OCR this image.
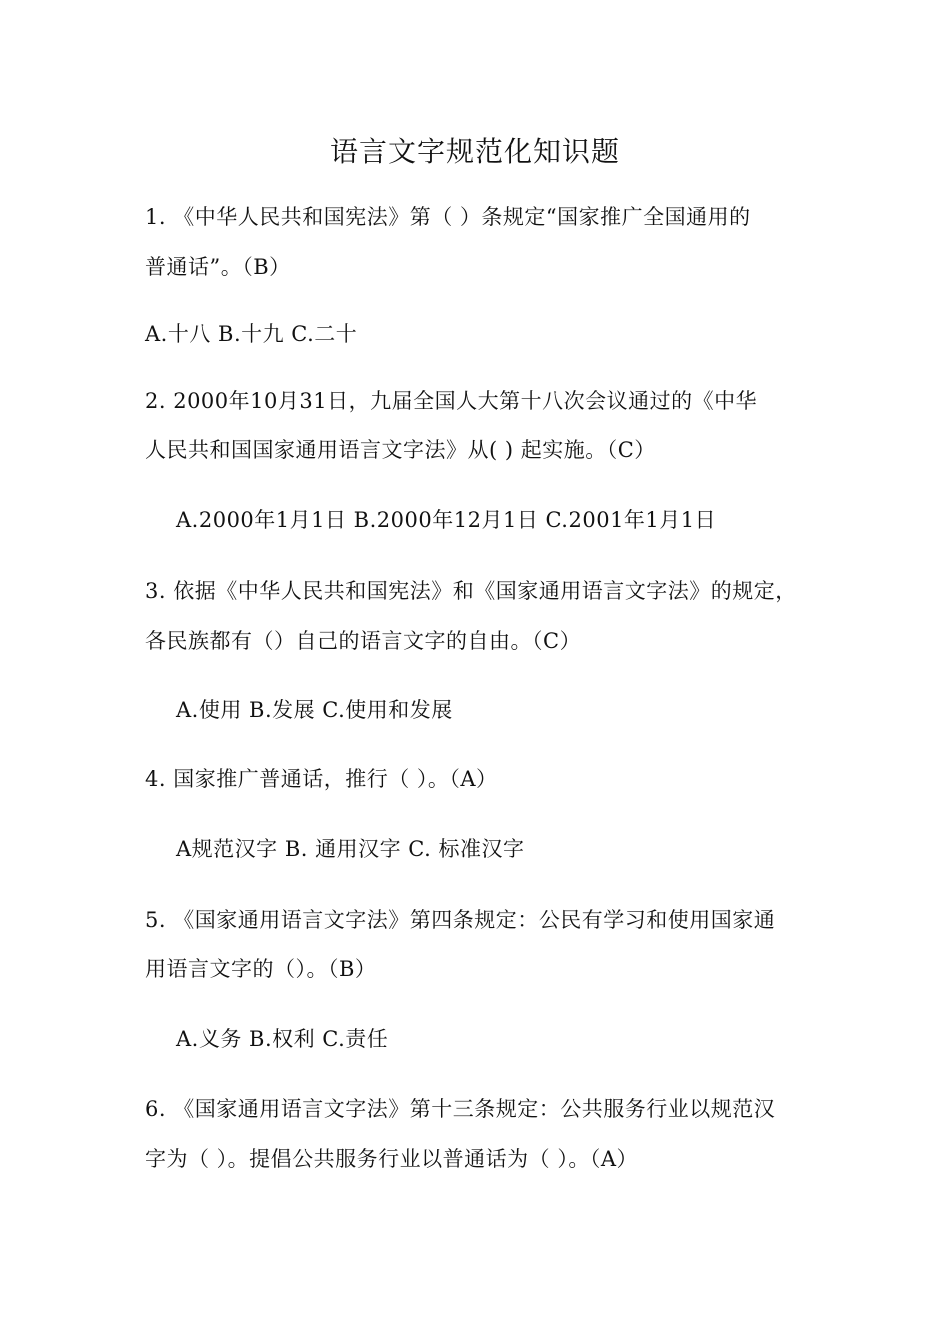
语言文字规范化知识题
1. 《中华人民共和国宪法》第（ ）条规定“国家推广全国通用的
普通话”。（B）
A.十八 B.十九 C.二十
2. 2000年10月31日，九届全国人大第十八次会议通过的《中华
人民共和国国家通用语言文字法》从( ) 起实施。（C）
A.2000年1月1日 B.2000年12月1日 C.2001年1月1日
3. 依据《中华人民共和国宪法》和《国家通用语言文字法》的规定，
各民族都有（）自己的语言文字的自由。（C）
A.使用 B.发展 C.使用和发展
4. 国家推广普通话，推行（ ）。（A）
A规范汉字 B. 通用汉字 C. 标准汉字
5. 《国家通用语言文字法》第四条规定：公民有学习和使用国家通
用语言文字的（）。（B）
A.义务 B.权利 C.责任
6. 《国家通用语言文字法》第十三条规定：公共服务行业以规范汉
字为（ ）。提倡公共服务行业以普通话为（ ）。（A）
